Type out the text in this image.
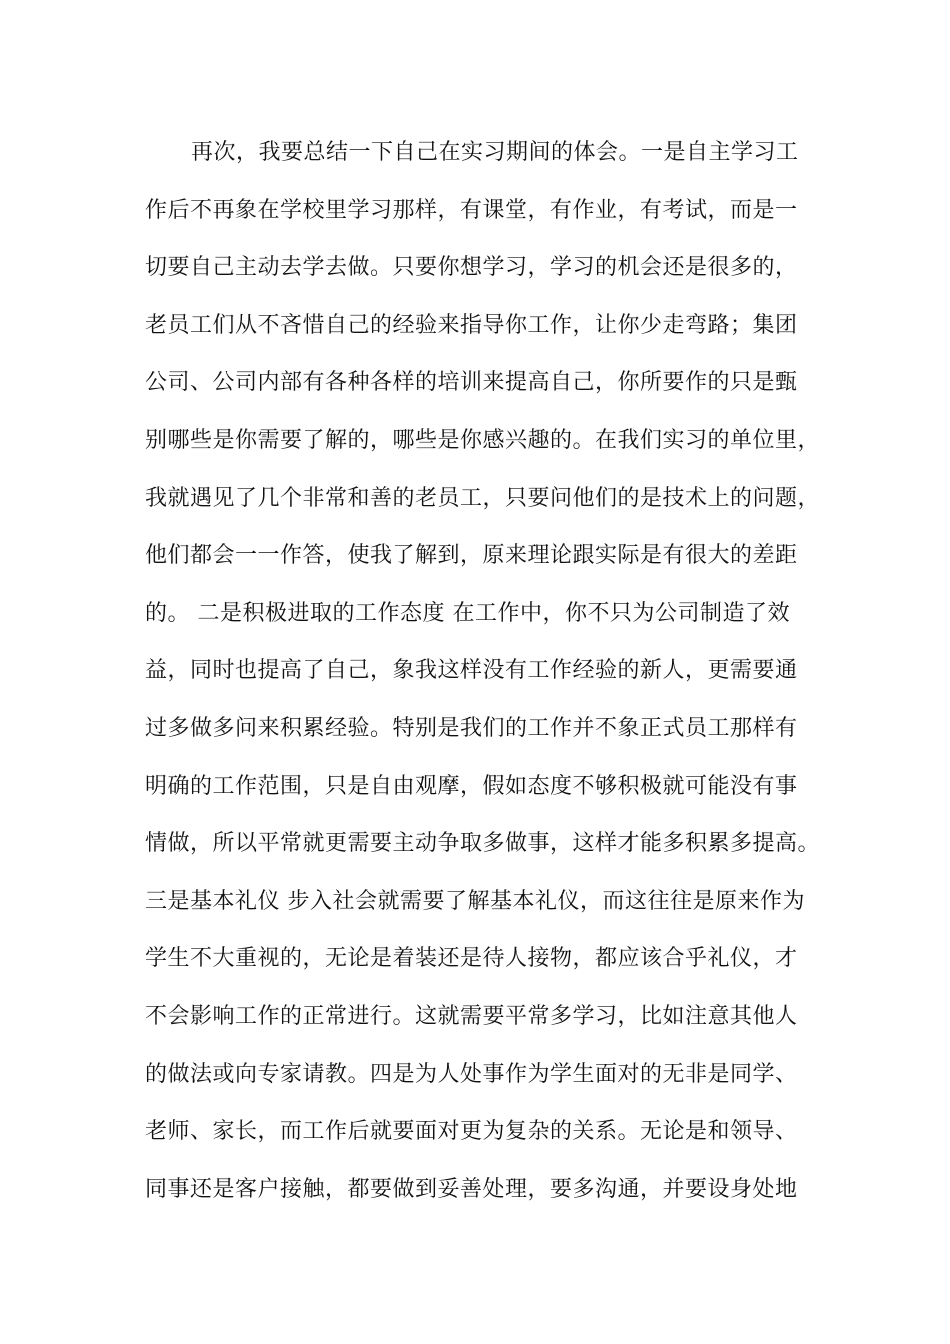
再次，我要总结一下自己在实习期间的体会。一是自主学习工
作后不再象在学校里学习那样，有课堂，有作业，有考试，而是一
切要自己主动去学去做。只要你想学习，学习的机会还是很多的，
老员工们从不吝惜自己的经验来指导你工作，让你少走弯路；集团
公司、公司内部有各种各样的培训来提高自己，你所要作的只是甄
别哪些是你需要了解的，哪些是你感兴趣的。在我们实习的单位里，
我就遇见了几个非常和善的老员工，只要问他们的是技术上的问题，
他们都会一一作答，使我了解到，原来理论跟实际是有很大的差距
的。 二是积极进取的工作态度 在工作中，你不只为公司制造了效
益，同时也提高了自己，象我这样没有工作经验的新人，更需要通
过多做多问来积累经验。特别是我们的工作并不象正式员工那样有
明确的工作范围，只是自由观摩，假如态度不够积极就可能没有事
情做，所以平常就更需要主动争取多做事，这样才能多积累多提高。
三是基本礼仪 步入社会就需要了解基本礼仪，而这往往是原来作为
学生不大重视的，无论是着装还是待人接物，都应该合乎礼仪，才
不会影响工作的正常进行。这就需要平常多学习，比如注意其他人
的做法或向专家请教。四是为人处事作为学生面对的无非是同学、
老师、家长，而工作后就要面对更为复杂的关系。无论是和领导、
同事还是客户接触，都要做到妥善处理，要多沟通，并要设身处地
